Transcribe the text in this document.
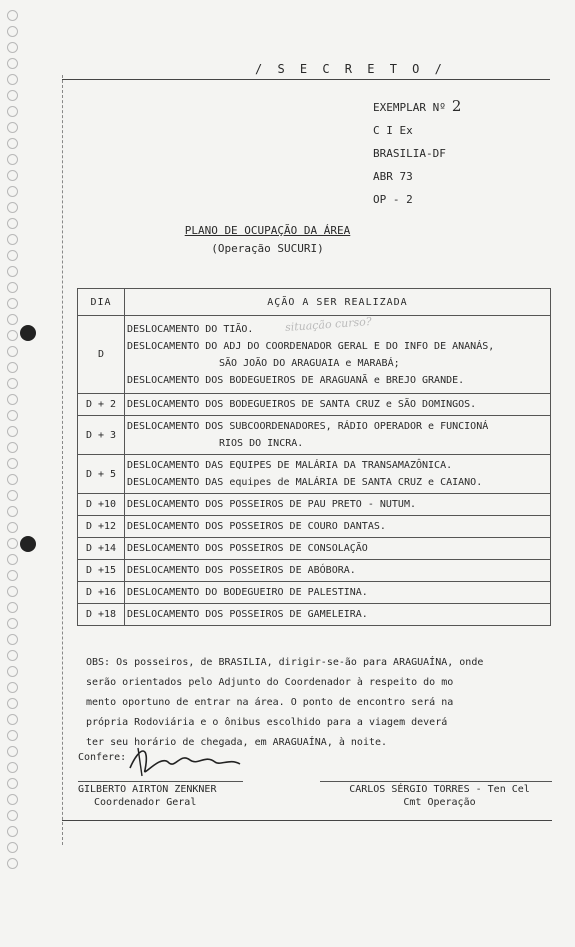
/ S E C R E T O /
EXEMPLAR Nº 2
C I Ex
BRASILIA-DF
ABR 73
OP - 2
PLANO DE OCUPAÇÃO DA ÁREA
(Operação SUCURI)
situação curso?
DIA	AÇÃO A SER REALIZADA
D	DESLOCAMENTO DO TIÃO.
DESLOCAMENTO DO ADJ DO COORDENADOR GERAL E DO INFO DE ANANÁS,
SÃO JOÃO DO ARAGUAIA e MARABÁ;
DESLOCAMENTO DOS BODEGUEIROS DE ARAGUANÃ e BREJO GRANDE.

D + 2	DESLOCAMENTO DOS BODEGUEIROS DE SANTA CRUZ e SÃO DOMINGOS.

D + 3	DESLOCAMENTO DOS SUBCOORDENADORES, RÁDIO OPERADOR e FUNCIONÁ
RIOS DO INCRA.

D + 5	DESLOCAMENTO DAS EQUIPES DE MALÁRIA DA TRANSAMAZÔNICA.
DESLOCAMENTO DAS equipes de MALÁRIA DE SANTA CRUZ e CAIANO.

D +10	DESLOCAMENTO DOS POSSEIROS DE PAU PRETO - NUTUM.

D +12	DESLOCAMENTO DOS POSSEIROS DE COURO DANTAS.

D +14	DESLOCAMENTO DOS POSSEIROS DE CONSOLAÇÃO

D +15	DESLOCAMENTO DOS POSSEIROS DE ABÓBORA.

D +16	DESLOCAMENTO DO BODEGUEIRO DE PALESTINA.

D +18	DESLOCAMENTO DOS POSSEIROS DE GAMELEIRA.
OBS: Os posseiros, de BRASILIA, dirigir-se-ão para ARAGUAÍNA, onde
serão orientados pelo Adjunto do Coordenador à respeito do mo
mento oportuno de entrar na área. O ponto de encontro será na
própria Rodoviária e o ônibus escolhido para a viagem deverá
ter seu horário de chegada, em ARAGUAÍNA, à noite.
Confere:
GILBERTO AIRTON ZENKNER
Coordenador Geral
CARLOS SÉRGIO TORRES - Ten Cel
Cmt Operação
